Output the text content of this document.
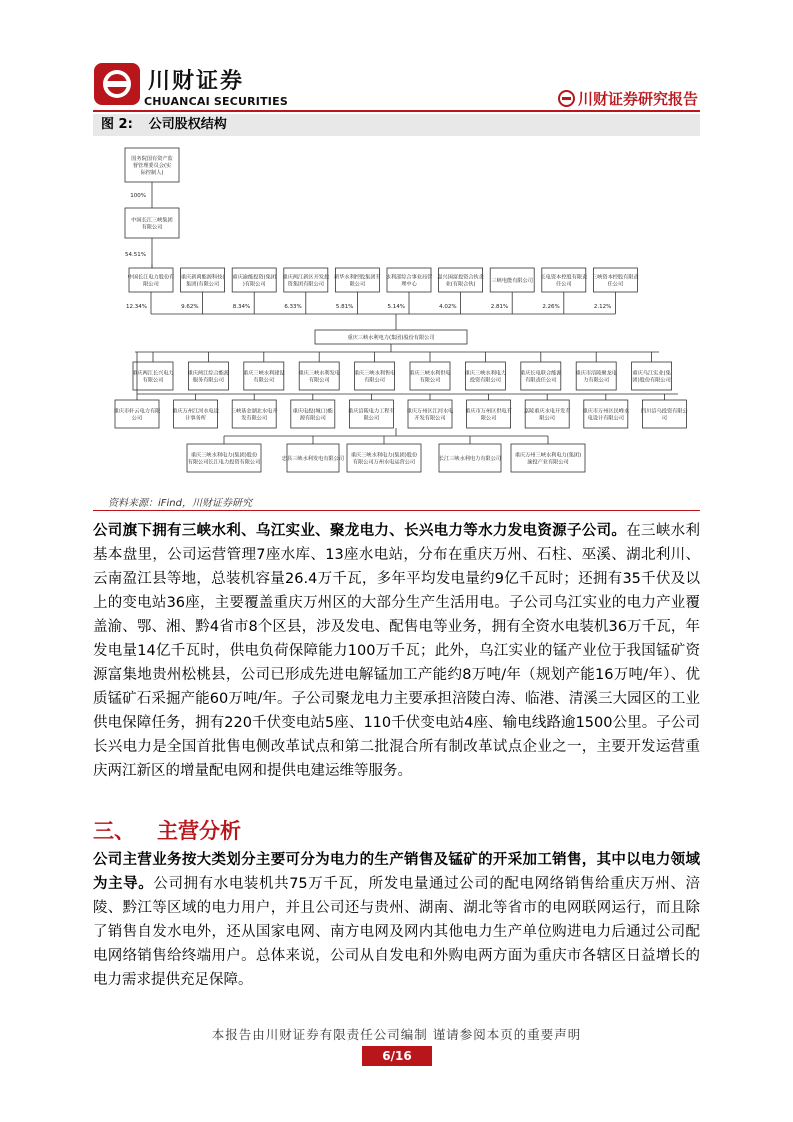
川财证券
CHUANCAI SECURITIES	川财证券研究报告
图 2: 公司股权结构
国务院国有资产监
督管理委员会(实
际控制人)
100%
中国长江三峡集团
有限公司
54.51%
中国长江电力股份有
限公司
12.34%
重庆新禹能源科技(
集团)有限公司
9.62%
重庆渝能投资(集团
)有限公司
8.34%
重庆两江新区开发投
资集团有限公司
6.33%
新华水利控股集团有
限公司
5.81%
水利部综合事业局管
理中心
5.14%
嘉兴国富投资合伙企
业(有限合伙)
4.02%
三峡电能有限公司
2.81%
长电资本控股有限责
任公司
2.26%
三峡资本控股有限责
任公司
2.12%
重庆三峡水利电力(集团)股份有限公司
重庆两江长兴电力
有限公司
重庆两江综合能源
服务有限公司
重庆三峡水利建设
有限公司
重庆三峡水利发电
有限公司
重庆三峡水利售电
有限公司
重庆三峡水利供电
有限公司
重庆三峡水利电力
投资有限公司
重庆长电联合能源
有限责任公司
重庆市涪陵聚龙电
力有限公司
重庆乌江实业(集
团)股份有限公司
重庆市轩云电力有限
公司
重庆万州江河水电设
计事务所
三峡基金湖北水电开
发有限公司
重庆电投(城口)能
源有限公司
重庆涪陵电力工程有
限公司
重庆万州区江河水电
开发有限公司
重庆市万州区供电有
限公司
嘉陵重庆水电开发有
限公司
重庆市万州区民峰水
电设计有限公司
四川涪乌投资有限公
司
重庆三峡水利电力(集团)股份
有限公司长江电力投资有限公司
忠县三峡水利发电有限公司
重庆三峡水利电力(集团)股份
有限公司万州水电运营公司
长江三峡水利电力有限公司
重庆万州三峡水利电力(集团)
渝投产业有限公司
资料来源：iFind，川财证券研究
公司旗下拥有三峡水利、乌江实业、聚龙电力、长兴电力等水力发电资源子公司。在三峡水利基本盘里，公司运营管理7座水库、13座水电站，分布在重庆万州、石柱、巫溪、湖北利川、云南盈江县等地，总装机容量26.4万千瓦，多年平均发电量约9亿千瓦时；还拥有35千伏及以上的变电站36座，主要覆盖重庆万州区的大部分生产生活用电。子公司乌江实业的电力产业覆盖渝、鄂、湘、黔4省市8个区县，涉及发电、配售电等业务，拥有全资水电装机36万千瓦，年发电量14亿千瓦时，供电负荷保障能力100万千瓦；此外，乌江实业的锰产业位于我国锰矿资源富集地贵州松桃县，公司已形成先进电解锰加工产能约8万吨/年（规划产能16万吨/年）、优质锰矿石采掘产能60万吨/年。子公司聚龙电力主要承担涪陵白涛、临港、清溪三大园区的工业供电保障任务，拥有220千伏变电站5座、110千伏变电站4座、输电线路逾1500公里。子公司长兴电力是全国首批售电侧改革试点和第二批混合所有制改革试点企业之一，主要开发运营重庆两江新区的增量配电网和提供电建运维等服务。
三、 主营分析
公司主营业务按大类划分主要可分为电力的生产销售及锰矿的开采加工销售，其中以电力领域为主导。公司拥有水电装机共75万千瓦，所发电量通过公司的配电网络销售给重庆万州、涪陵、黔江等区域的电力用户，并且公司还与贵州、湖南、湖北等省市的电网联网运行，而且除了销售自发水电外，还从国家电网、南方电网及网内其他电力生产单位购进电力后通过公司配电网络销售给终端用户。总体来说，公司从自发电和外购电两方面为重庆市各辖区日益增长的电力需求提供充足保障。
本报告由川财证券有限责任公司编制 谨请参阅本页的重要声明
6/16
